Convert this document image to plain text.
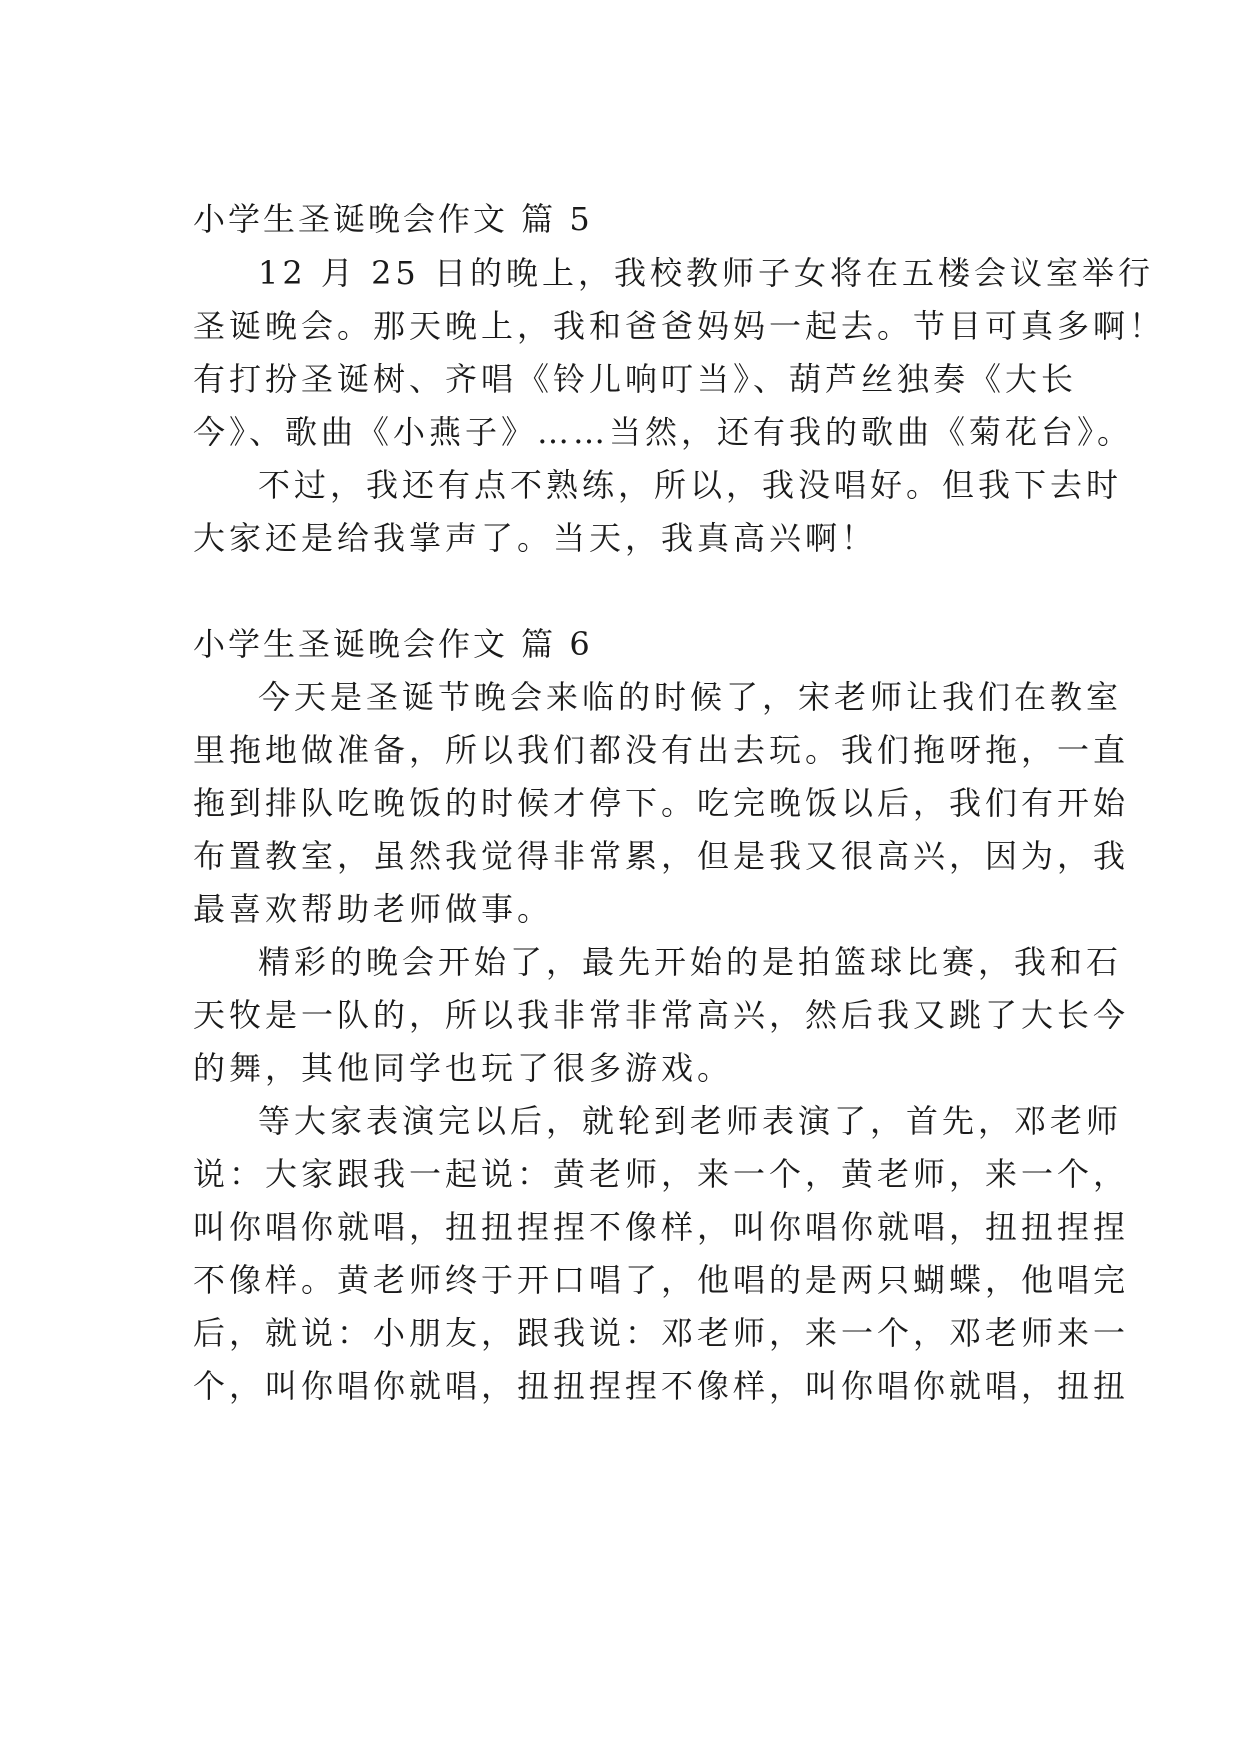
小学生圣诞晚会作文 篇 5
12 月 25 日的晚上，我校教师子女将在五楼会议室举行
圣诞晚会。那天晚上，我和爸爸妈妈一起去。节目可真多啊！
有打扮圣诞树、齐唱《铃儿响叮当》、葫芦丝独奏《大长
今》、歌曲《小燕子》……当然，还有我的歌曲《菊花台》。
不过，我还有点不熟练，所以，我没唱好。但我下去时
大家还是给我掌声了。当天，我真高兴啊！
小学生圣诞晚会作文 篇 6
今天是圣诞节晚会来临的时候了，宋老师让我们在教室
里拖地做准备，所以我们都没有出去玩。我们拖呀拖，一直
拖到排队吃晚饭的时候才停下。吃完晚饭以后，我们有开始
布置教室，虽然我觉得非常累，但是我又很高兴，因为，我
最喜欢帮助老师做事。
精彩的晚会开始了，最先开始的是拍篮球比赛，我和石
天牧是一队的，所以我非常非常高兴，然后我又跳了大长今
的舞，其他同学也玩了很多游戏。
等大家表演完以后，就轮到老师表演了，首先，邓老师
说：大家跟我一起说：黄老师，来一个，黄老师，来一个，
叫你唱你就唱，扭扭捏捏不像样，叫你唱你就唱，扭扭捏捏
不像样。黄老师终于开口唱了，他唱的是两只蝴蝶，他唱完
后，就说：小朋友，跟我说：邓老师，来一个，邓老师来一
个，叫你唱你就唱，扭扭捏捏不像样，叫你唱你就唱，扭扭
